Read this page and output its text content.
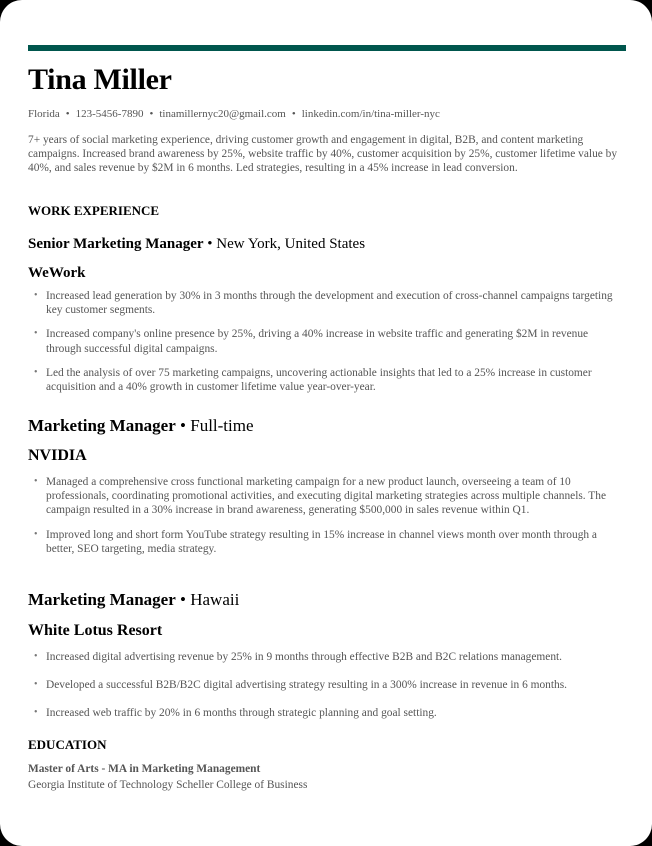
Tina Miller
Florida • 123-5456-7890 • tinamillernyc20@gmail.com • linkedin.com/in/tina-miller-nyc

7+ years of social marketing experience, driving customer growth and engagement in digital, B2B, and content marketing campaigns. Increased brand awareness by 25%, website traffic by 40%, customer acquisition by 25%, customer lifetime value by 40%, and sales revenue by $2M in 6 months. Led strategies, resulting in a 45% increase in lead conversion.

WORK EXPERIENCE
Senior Marketing Manager • New York, United States
WeWork
• Increased lead generation by 30% in 3 months through the development and execution of cross-channel campaigns targeting key customer segments.
• Increased company's online presence by 25%, driving a 40% increase in website traffic and generating $2M in revenue through successful digital campaigns.
• Led the analysis of over 75 marketing campaigns, uncovering actionable insights that led to a 25% increase in customer acquisition and a 40% growth in customer lifetime value year-over-year.
Marketing Manager • Full-time
NVIDIA
• Managed a comprehensive cross functional marketing campaign for a new product launch, overseeing a team of 10 professionals, coordinating promotional activities, and executing digital marketing strategies across multiple channels. The campaign resulted in a 30% increase in brand awareness, generating $500,000 in sales revenue within Q1.
• Improved long and short form YouTube strategy resulting in 15% increase in channel views month over month through a better, SEO targeting, media strategy.
Marketing Manager • Hawaii
White Lotus Resort
• Increased digital advertising revenue by 25% in 9 months through effective B2B and B2C relations management.
• Developed a successful B2B/B2C digital advertising strategy resulting in a 300% increase in revenue in 6 months.
• Increased web traffic by 20% in 6 months through strategic planning and goal setting.
EDUCATION
Master of Arts - MA in Marketing Management
Georgia Institute of Technology Scheller College of Business
